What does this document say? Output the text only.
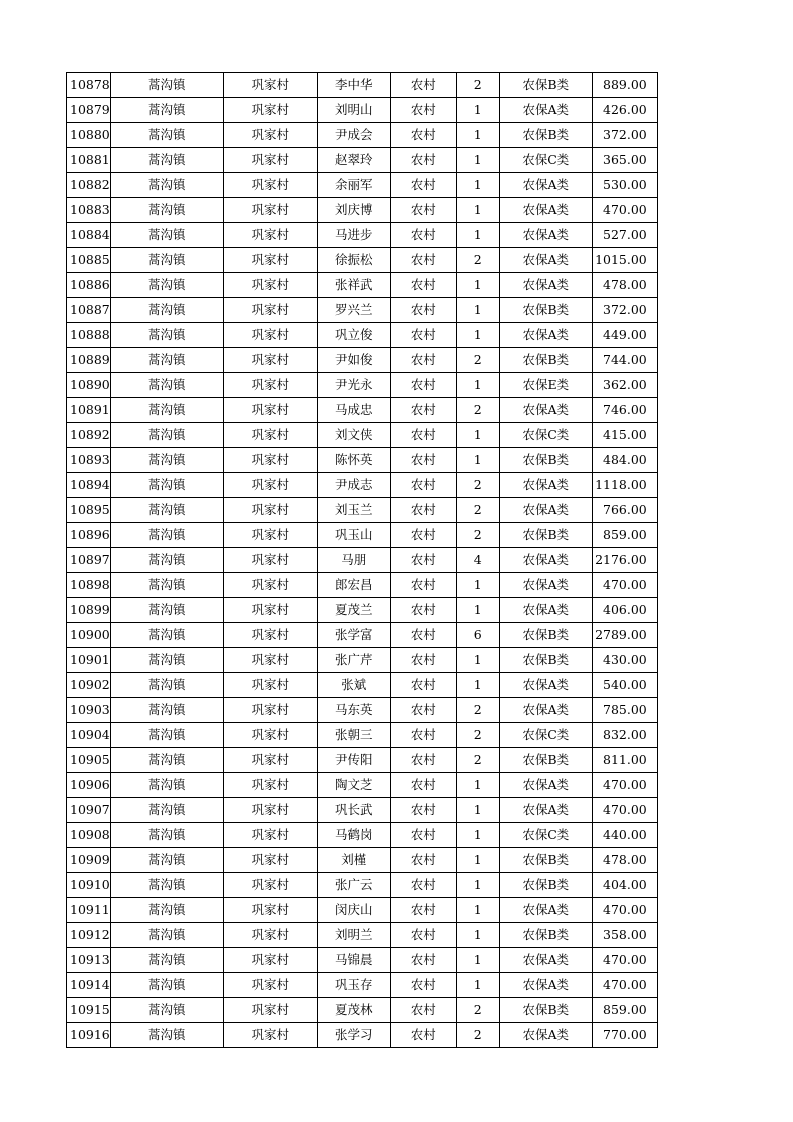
10878	蒿沟镇	巩家村	李中华	农村	2	农保B类	889.00
10879	蒿沟镇	巩家村	刘明山	农村	1	农保A类	426.00
10880	蒿沟镇	巩家村	尹成会	农村	1	农保B类	372.00
10881	蒿沟镇	巩家村	赵翠玲	农村	1	农保C类	365.00
10882	蒿沟镇	巩家村	余丽军	农村	1	农保A类	530.00
10883	蒿沟镇	巩家村	刘庆博	农村	1	农保A类	470.00
10884	蒿沟镇	巩家村	马进步	农村	1	农保A类	527.00
10885	蒿沟镇	巩家村	徐振松	农村	2	农保A类	1015.00
10886	蒿沟镇	巩家村	张祥武	农村	1	农保A类	478.00
10887	蒿沟镇	巩家村	罗兴兰	农村	1	农保B类	372.00
10888	蒿沟镇	巩家村	巩立俊	农村	1	农保A类	449.00
10889	蒿沟镇	巩家村	尹如俊	农村	2	农保B类	744.00
10890	蒿沟镇	巩家村	尹光永	农村	1	农保E类	362.00
10891	蒿沟镇	巩家村	马成忠	农村	2	农保A类	746.00
10892	蒿沟镇	巩家村	刘文侠	农村	1	农保C类	415.00
10893	蒿沟镇	巩家村	陈怀英	农村	1	农保B类	484.00
10894	蒿沟镇	巩家村	尹成志	农村	2	农保A类	1118.00
10895	蒿沟镇	巩家村	刘玉兰	农村	2	农保A类	766.00
10896	蒿沟镇	巩家村	巩玉山	农村	2	农保B类	859.00
10897	蒿沟镇	巩家村	马朋	农村	4	农保A类	2176.00
10898	蒿沟镇	巩家村	郎宏昌	农村	1	农保A类	470.00
10899	蒿沟镇	巩家村	夏茂兰	农村	1	农保A类	406.00
10900	蒿沟镇	巩家村	张学富	农村	6	农保B类	2789.00
10901	蒿沟镇	巩家村	张广芹	农村	1	农保B类	430.00
10902	蒿沟镇	巩家村	张斌	农村	1	农保A类	540.00
10903	蒿沟镇	巩家村	马东英	农村	2	农保A类	785.00
10904	蒿沟镇	巩家村	张朝三	农村	2	农保C类	832.00
10905	蒿沟镇	巩家村	尹传阳	农村	2	农保B类	811.00
10906	蒿沟镇	巩家村	陶文芝	农村	1	农保A类	470.00
10907	蒿沟镇	巩家村	巩长武	农村	1	农保A类	470.00
10908	蒿沟镇	巩家村	马鹤岗	农村	1	农保C类	440.00
10909	蒿沟镇	巩家村	刘槿	农村	1	农保B类	478.00
10910	蒿沟镇	巩家村	张广云	农村	1	农保B类	404.00
10911	蒿沟镇	巩家村	闵庆山	农村	1	农保A类	470.00
10912	蒿沟镇	巩家村	刘明兰	农村	1	农保B类	358.00
10913	蒿沟镇	巩家村	马锦晨	农村	1	农保A类	470.00
10914	蒿沟镇	巩家村	巩玉存	农村	1	农保A类	470.00
10915	蒿沟镇	巩家村	夏茂林	农村	2	农保B类	859.00
10916	蒿沟镇	巩家村	张学习	农村	2	农保A类	770.00
